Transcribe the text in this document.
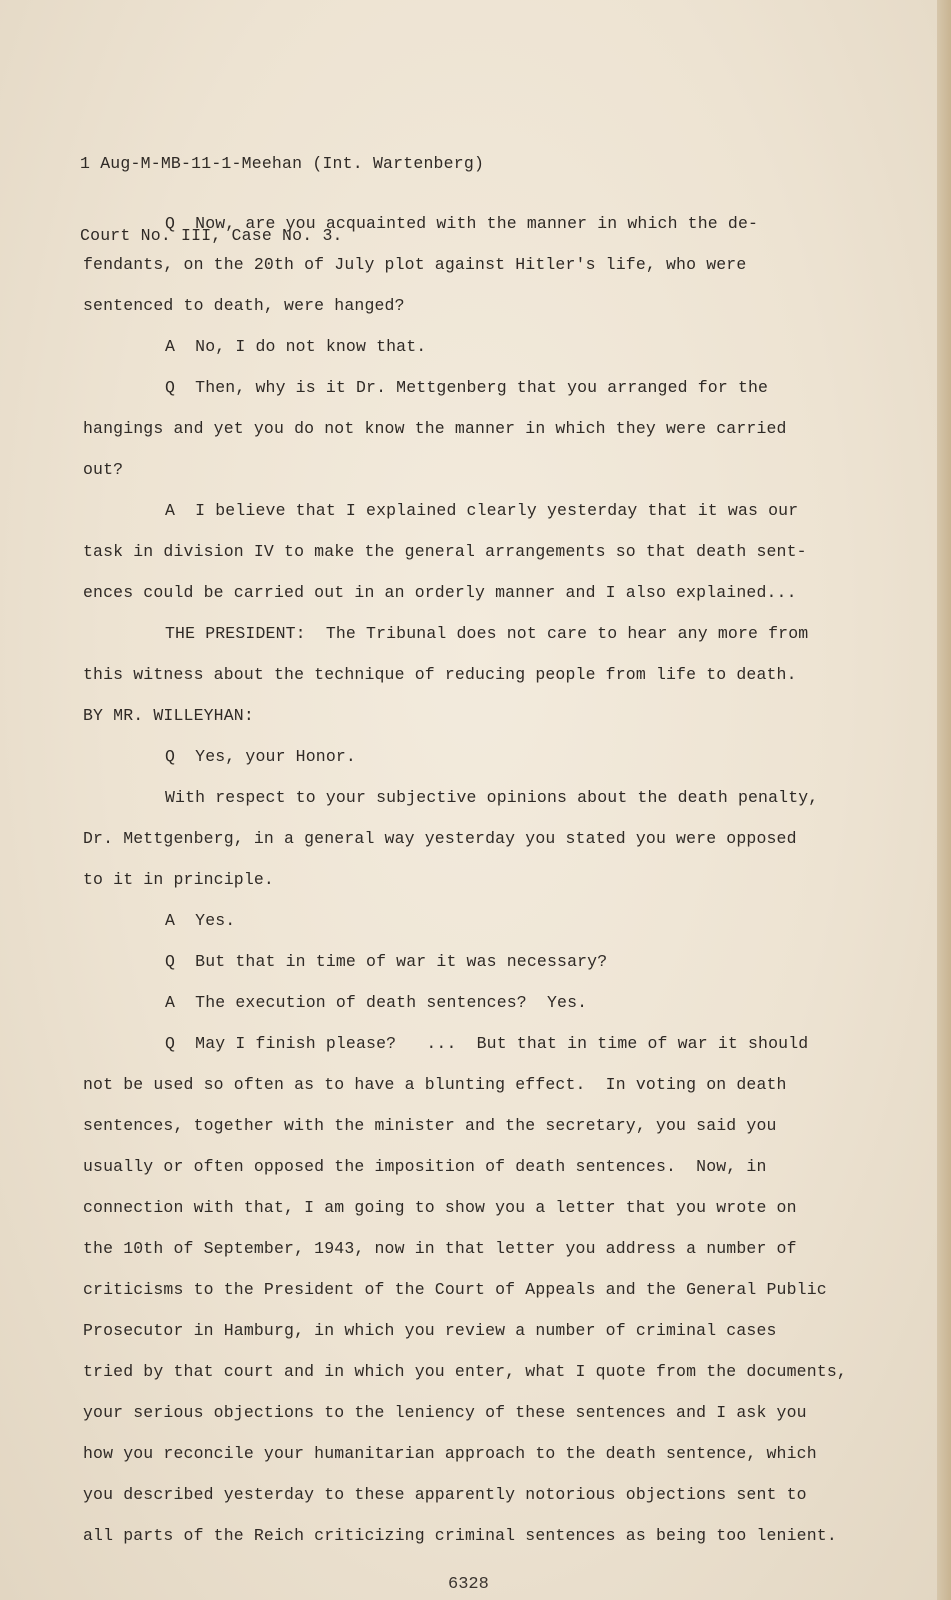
1 Aug-M-MB-11-1-Meehan (Int. Wartenberg)

Court No. III, Case No. 3.

Q  Now, are you acquainted with the manner in which the de-
fendants, on the 20th of July plot against Hitler's life, who were
sentenced to death, were hanged?
A  No, I do not know that.
Q  Then, why is it Dr. Mettgenberg that you arranged for the
hangings and yet you do not know the manner in which they were carried
out?
A  I believe that I explained clearly yesterday that it was our
task in division IV to make the general arrangements so that death sent-
ences could be carried out in an orderly manner and I also explained...
THE PRESIDENT:  The Tribunal does not care to hear any more from
this witness about the technique of reducing people from life to death.
BY MR. WILLEYHAN:
Q  Yes, your Honor.
With respect to your subjective opinions about the death penalty,
Dr. Mettgenberg, in a general way yesterday you stated you were opposed
to it in principle.
A  Yes.
Q  But that in time of war it was necessary?
A  The execution of death sentences?  Yes.
Q  May I finish please?   ...  But that in time of war it should
not be used so often as to have a blunting effect.  In voting on death
sentences, together with the minister and the secretary, you said you
usually or often opposed the imposition of death sentences.  Now, in
connection with that, I am going to show you a letter that you wrote on
the 10th of September, 1943, now in that letter you address a number of
criticisms to the President of the Court of Appeals and the General Public
Prosecutor in Hamburg, in which you review a number of criminal cases
tried by that court and in which you enter, what I quote from the documents,
your serious objections to the leniency of these sentences and I ask you
how you reconcile your humanitarian approach to the death sentence, which
you described yesterday to these apparently notorious objections sent to
all parts of the Reich criticizing criminal sentences as being too lenient.
6328
